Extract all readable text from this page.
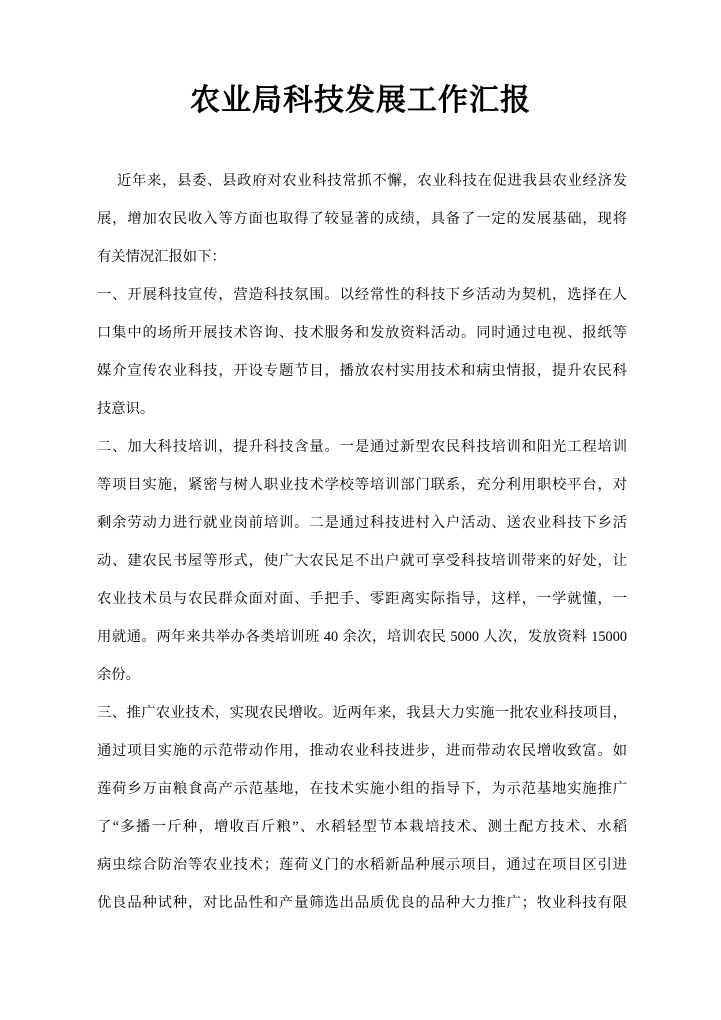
农业局科技发展工作汇报
近年来，县委、县政府对农业科技常抓不懈，农业科技在促进我县农业经济发
展，增加农民收入等方面也取得了较显著的成绩，具备了一定的发展基础，现将
有关情况汇报如下：
一、开展科技宣传，营造科技氛围。以经常性的科技下乡活动为契机，选择在人
口集中的场所开展技术咨询、技术服务和发放资料活动。同时通过电视、报纸等
媒介宣传农业科技，开设专题节目，播放农村实用技术和病虫情报，提升农民科
技意识。
二、加大科技培训，提升科技含量。一是通过新型农民科技培训和阳光工程培训
等项目实施，紧密与树人职业技术学校等培训部门联系，充分利用职校平台，对
剩余劳动力进行就业岗前培训。二是通过科技进村入户活动、送农业科技下乡活
动、建农民书屋等形式，使广大农民足不出户就可享受科技培训带来的好处，让
农业技术员与农民群众面对面、手把手、零距离实际指导，这样，一学就懂，一
用就通。两年来共举办各类培训班 40 余次，培训农民 5000 人次，发放资料 15000
余份。
三、推广农业技术，实现农民增收。近两年来，我县大力实施一批农业科技项目，
通过项目实施的示范带动作用，推动农业科技进步，进而带动农民增收致富。如
莲荷乡万亩粮食高产示范基地，在技术实施小组的指导下，为示范基地实施推广
了“多播一斤种，增收百斤粮”、水稻轻型节本栽培技术、测土配方技术、水稻
病虫综合防治等农业技术；莲荷义门的水稻新品种展示项目，通过在项目区引进
优良品种试种，对比品性和产量筛选出品质优良的品种大力推广；牧业科技有限
